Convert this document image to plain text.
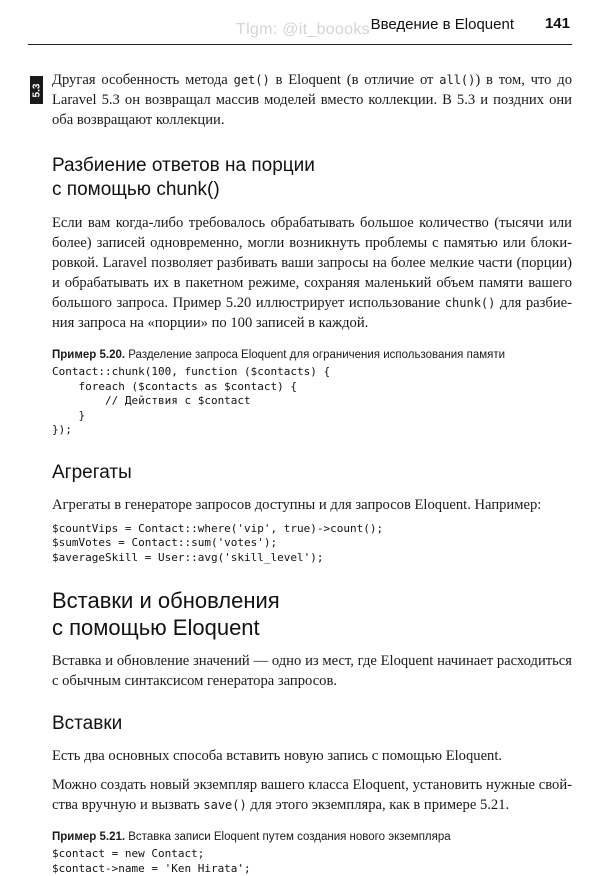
Tlgm: @it_boooks Введение в Eloquent 141
5.3

Другая особенность метода get() в Eloquent (в отличие от all()) в том, что до Laravel 5.3 он возвращал массив моделей вместо коллекции. В 5.3 и поздних они оба возвращают коллекции.

Разбиение ответов на порции
с помощью chunk()

Если вам когда-либо требовалось обрабатывать большое количество (тысячи или более) записей одновременно, могли возникнуть проблемы с памятью или блоки-ровкой. Laravel позволяет разбивать ваши запросы на более мелкие части (порции) и обрабатывать их в пакетном режиме, сохраняя маленький объем памяти вашего большого запроса. Пример 5.20 иллюстрирует использование chunk() для разбие-ния запроса на «порции» по 100 записей в каждой.

Пример 5.20. Разделение запроса Eloquent для ограничения использования памяти

Contact::chunk(100, function ($contacts) {
foreach ($contacts as $contact) {
// Действия с $contact
}
});
Агрегаты

Агрегаты в генераторе запросов доступны и для запросов Eloquent. Например:

$countVips = Contact::where('vip', true)->count();
$sumVotes = Contact::sum('votes');
$averageSkill = User::avg('skill_level');
Вставки и обновления
с помощью Eloquent

Вставка и обновление значений — одно из мест, где Eloquent начинает расходиться с обычным синтаксисом генератора запросов.

Вставки

Есть два основных способа вставить новую запись с помощью Eloquent.

Можно создать новый экземпляр вашего класса Eloquent, установить нужные свой-ства вручную и вызвать save() для этого экземпляра, как в примере 5.21.

Пример 5.21. Вставка записи Eloquent путем создания нового экземпляра

$contact = new Contact;
$contact->name = 'Ken Hirata';
